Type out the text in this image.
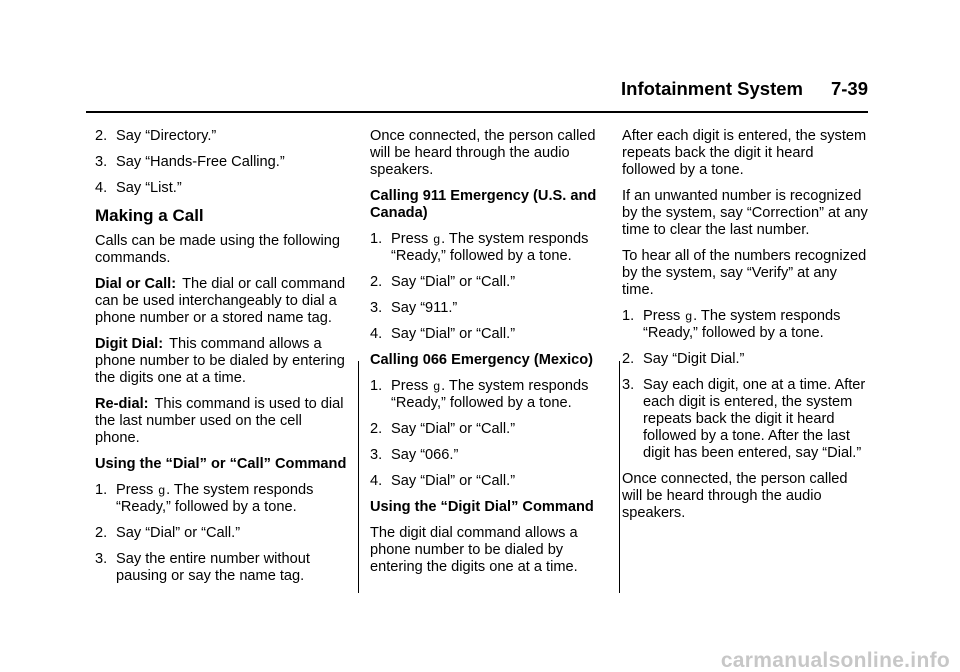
Infotainment System 7-39
2. Say “Directory.”
3. Say “Hands-Free Calling.”
4. Say “List.”
Making a Call

Calls can be made using the following commands.

Dial or Call: The dial or call command can be used interchangeably to dial a phone number or a stored name tag.

Digit Dial: This command allows a phone number to be dialed by entering the digits one at a time.

Re-dial: This command is used to dial the last number used on the cell phone.

Using the “Dial” or “Call” Command

1. Press ɡ. The system responds “Ready,” followed by a tone.
2. Say “Dial” or “Call.”
3. Say the entire number without pausing or say the name tag.

Once connected, the person called will be heard through the audio speakers.

Calling 911 Emergency (U.S. and Canada)

1. Press ɡ. The system responds “Ready,” followed by a tone.
2. Say “Dial” or “Call.”
3. Say “911.”
4. Say “Dial” or “Call.”

Calling 066 Emergency (Mexico)

1. Press ɡ. The system responds “Ready,” followed by a tone.
2. Say “Dial” or “Call.”
3. Say “066.”
4. Say “Dial” or “Call.”

Using the “Digit Dial” Command

The digit dial command allows a phone number to be dialed by entering the digits one at a time.

After each digit is entered, the system repeats back the digit it heard followed by a tone.

If an unwanted number is recognized by the system, say “Correction” at any time to clear the last number.

To hear all of the numbers recognized by the system, say “Verify” at any time.

1. Press ɡ. The system responds “Ready,” followed by a tone.
2. Say “Digit Dial.”
3. Say each digit, one at a time. After each digit is entered, the system repeats back the digit it heard followed by a tone. After the last digit has been entered, say “Dial.”

Once connected, the person called will be heard through the audio speakers.

carmanualsonline.info
